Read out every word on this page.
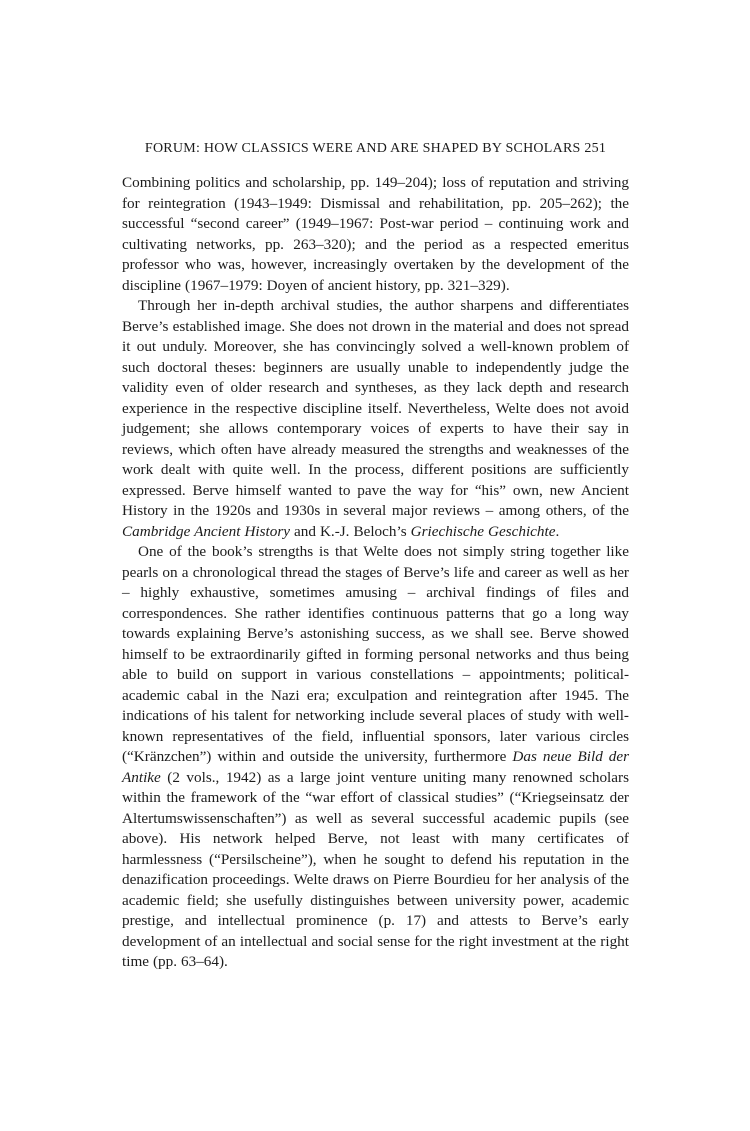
FORUM: HOW CLASSICS WERE AND ARE SHAPED BY SCHOLARS 251

Combining politics and scholarship, pp. 149–204); loss of reputation and striving for reintegration (1943–1949: Dismissal and rehabilitation, pp. 205–262); the successful “second career” (1949–1967: Post-war period – continuing work and cultivating networks, pp. 263–320); and the period as a respected emeritus professor who was, however, increasingly overtaken by the development of the discipline (1967–1979: Doyen of ancient history, pp. 321–329).

Through her in-depth archival studies, the author sharpens and differentiates Berve’s established image. She does not drown in the material and does not spread it out unduly. Moreover, she has convincingly solved a well-known problem of such doctoral theses: beginners are usually unable to independently judge the validity even of older research and syntheses, as they lack depth and research experience in the respective discipline itself. Nevertheless, Welte does not avoid judgement; she allows contemporary voices of experts to have their say in reviews, which often have already measured the strengths and weaknesses of the work dealt with quite well. In the process, different positions are sufficiently expressed. Berve himself wanted to pave the way for “his” own, new Ancient History in the 1920s and 1930s in several major reviews – among others, of the Cambridge Ancient History and K.-J. Beloch’s Griechische Geschichte.

One of the book’s strengths is that Welte does not simply string together like pearls on a chronological thread the stages of Berve’s life and career as well as her – highly exhaustive, sometimes amusing – archival findings of files and correspondences. She rather identifies continuous patterns that go a long way towards explaining Berve’s astonishing success, as we shall see. Berve showed himself to be extraordinarily gifted in forming personal networks and thus being able to build on support in various constellations – appointments; political-academic cabal in the Nazi era; exculpation and reintegration after 1945. The indications of his talent for networking include several places of study with well-known representatives of the field, influential sponsors, later various circles (“Kränzchen”) within and outside the university, furthermore Das neue Bild der Antike (2 vols., 1942) as a large joint venture uniting many renowned scholars within the framework of the “war effort of classical studies” (“Kriegseinsatz der Altertumswissenschaften”) as well as several successful academic pupils (see above). His network helped Berve, not least with many certificates of harmlessness (“Persilscheine”), when he sought to defend his reputation in the denazification proceedings. Welte draws on Pierre Bourdieu for her analysis of the academic field; she usefully distinguishes between university power, academic prestige, and intellectual prominence (p. 17) and attests to Berve’s early development of an intellectual and social sense for the right investment at the right time (pp. 63–64).
